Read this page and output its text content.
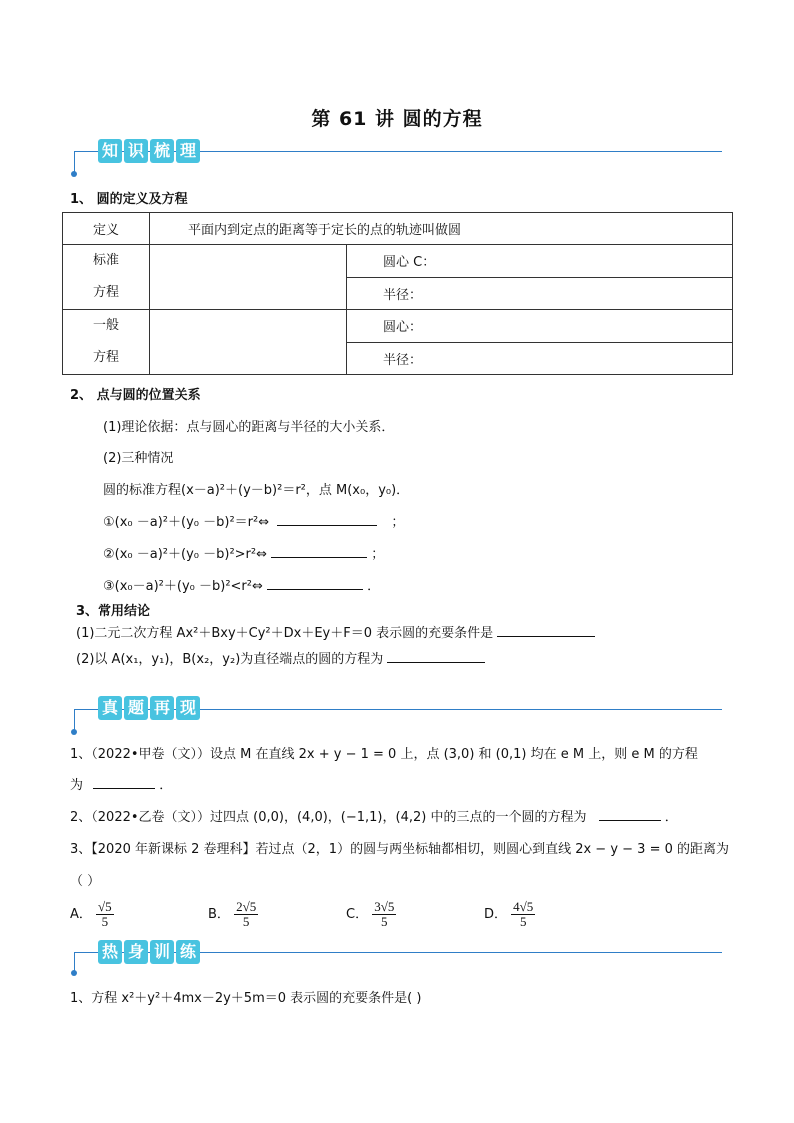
第 61 讲 圆的方程
知 识 梳 理
1、 圆的定义及方程
定义	平面内到定点的距离等于定长的点的轨迹叫做圆	

标准
方程		圆心 C：
		半径：

一般
方程		圆心：
		半径：
2、 点与圆的位置关系
(1)理论依据：点与圆心的距离与半径的大小关系．
(2)三种情况
圆的标准方程(x－a)²＋(y－b)²＝r²，点 M(x₀，y₀)．
①(x₀ －a)²＋(y₀ －b)²＝r²⇔	；
②(x₀ －a)²＋(y₀ －b)²>r²⇔	；
③(x₀－a)²＋(y₀ －b)²<r²⇔	．
3、常用结论
(1)二元二次方程 Ax²＋Bxy＋Cy²＋Dx＋Ey＋F＝0 表示圆的充要条件是
(2)以 A(x₁，y₁)，B(x₂，y₂)为直径端点的圆的方程为
真 题 再 现
1、（2022•甲卷（文））设点 M 在直线 2x + y − 1 = 0 上，点 (3,0) 和 (0,1) 均在 e M 上，则 e M 的方程
为	．
2、（2022•乙卷（文））过四点 (0,0)，(4,0)，(−1,1)，(4,2) 中的三点的一个圆的方程为	．
3、【2020 年新课标 2 卷理科】若过点（2，1）的圆与两坐标轴都相切，则圆心到直线 2x − y − 3 = 0 的距离为
（ ）
A． $\frac{√5}{5}$	B． $\frac{2√5}{5}$	C． $\frac{3√5}{5}$	D． $\frac{4√5}{5}$
热 身 训 练
1、方程 x²＋y²＋4mx－2y＋5m＝0 表示圆的充要条件是( )
